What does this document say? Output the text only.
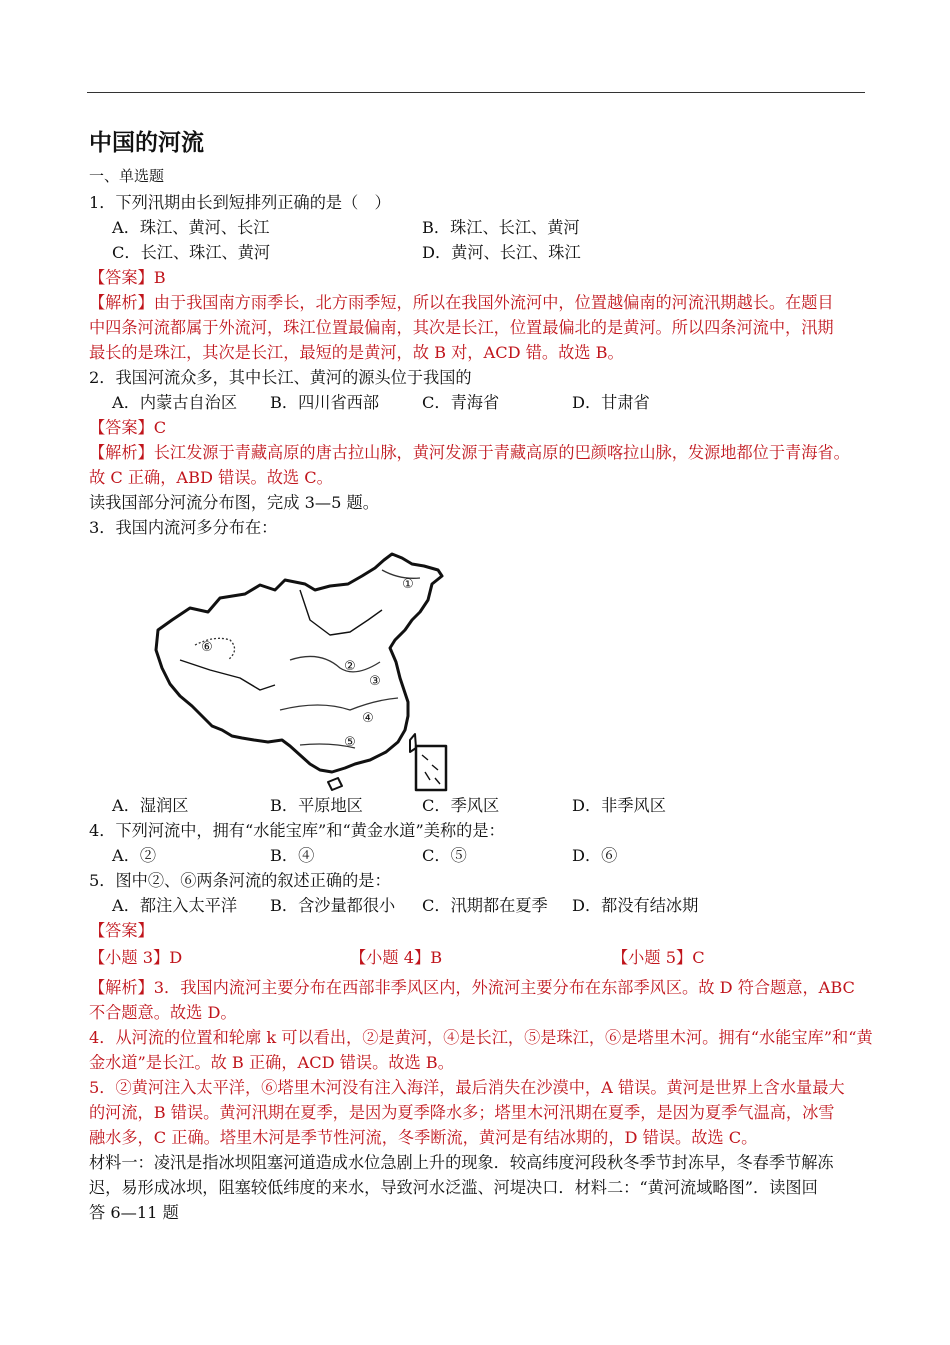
中国的河流
一、单选题
1．下列汛期由长到短排列正确的是（　）
A．珠江、黄河、长江	B．珠江、长江、黄河
C．长江、珠江、黄河	D．黄河、长江、珠江
【答案】B
【解析】由于我国南方雨季长，北方雨季短，所以在我国外流河中，位置越偏南的河流汛期越长。在题目
中四条河流都属于外流河，珠江位置最偏南，其次是长江，位置最偏北的是黄河。所以四条河流中，汛期
最长的是珠江，其次是长江，最短的是黄河，故 B 对，ACD 错。故选 B。
2．我国河流众多，其中长江、黄河的源头位于我国的
A．内蒙古自治区 B．四川省西部	C．青海省	D．甘肃省
【答案】C
【解析】长江发源于青藏高原的唐古拉山脉，黄河发源于青藏高原的巴颜喀拉山脉，发源地都位于青海省。
故 C 正确，ABD 错误。故选 C。
读我国部分河流分布图，完成 3—5 题。
3．我国内流河多分布在：
①
②
③
④
⑤
⑥
A．湿润区	B．平原地区	C．季风区	D．非季风区
4．下列河流中，拥有“水能宝库”和“黄金水道”美称的是：
A．②	B．④	C．⑤	D．⑥
5．图中②、⑥两条河流的叙述正确的是：
A．都注入太平洋 B．含沙量都很小 C．汛期都在夏季 D．都没有结冰期
【答案】
【小题 3】D	【小题 4】B	【小题 5】C
【解析】3．我国内流河主要分布在西部非季风区内，外流河主要分布在东部季风区。故 D 符合题意，ABC
不合题意。故选 D。
4．从河流的位置和轮廓 k 可以看出，②是黄河，④是长江，⑤是珠江，⑥是塔里木河。拥有“水能宝库”和“黄
金水道”是长江。故 B 正确，ACD 错误。故选 B。
5．②黄河注入太平洋，⑥塔里木河没有注入海洋，最后消失在沙漠中，A 错误。黄河是世界上含水量最大
的河流，B 错误。黄河汛期在夏季，是因为夏季降水多；塔里木河汛期在夏季，是因为夏季气温高，冰雪
融水多，C 正确。塔里木河是季节性河流，冬季断流，黄河是有结冰期的，D 错误。故选 C。
材料一：凌汛是指冰坝阻塞河道造成水位急剧上升的现象．较高纬度河段秋冬季节封冻早，冬春季节解冻
迟，易形成冰坝，阻塞较低纬度的来水，导致河水泛滥、河堤决口．材料二：“黄河流域略图”．读图回
答 6—11 题
